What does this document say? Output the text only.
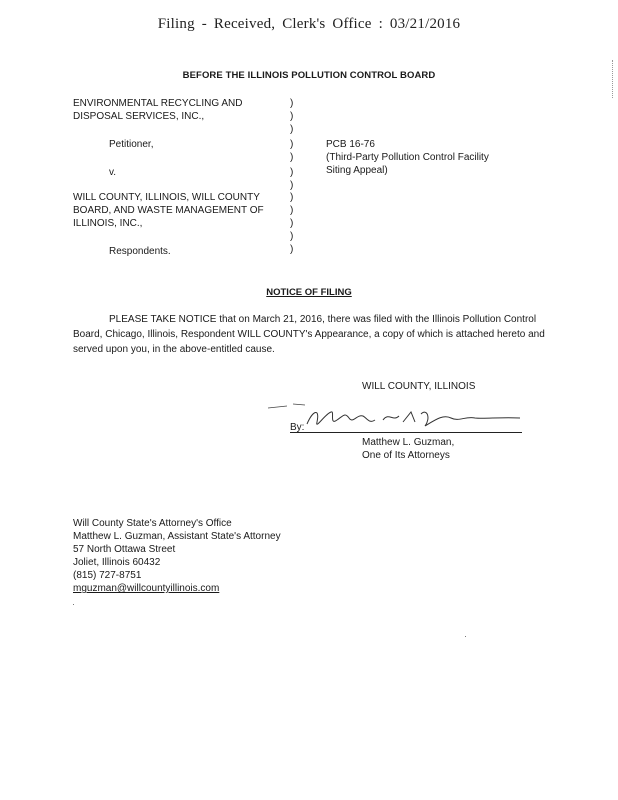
Filing - Received, Clerk's Office : 03/21/2016
BEFORE THE ILLINOIS POLLUTION CONTROL BOARD
ENVIRONMENTAL RECYCLING AND
DISPOSAL SERVICES, INC.,
Petitioner,
v.
WILL COUNTY, ILLINOIS, WILL COUNTY
BOARD, AND WASTE MANAGEMENT OF
ILLINOIS, INC.,
Respondents.
)
)
)
)
)
)
)
)
)
)
)
)
PCB 16-76
(Third-Party Pollution Control Facility
Siting Appeal)
NOTICE OF FILING
PLEASE TAKE NOTICE that on March 21, 2016, there was filed with the Illinois Pollution Control Board, Chicago, Illinois, Respondent WILL COUNTY's Appearance, a copy of which is attached hereto and served upon you, in the above-entitled cause.
WILL COUNTY, ILLINOIS
By:
Matthew L. Guzman,
One of Its Attorneys
Will County State's Attorney's Office
Matthew L. Guzman, Assistant State's Attorney
57 North Ottawa Street
Joliet, Illinois 60432
(815) 727-8751
mguzman@willcountyillinois.com
